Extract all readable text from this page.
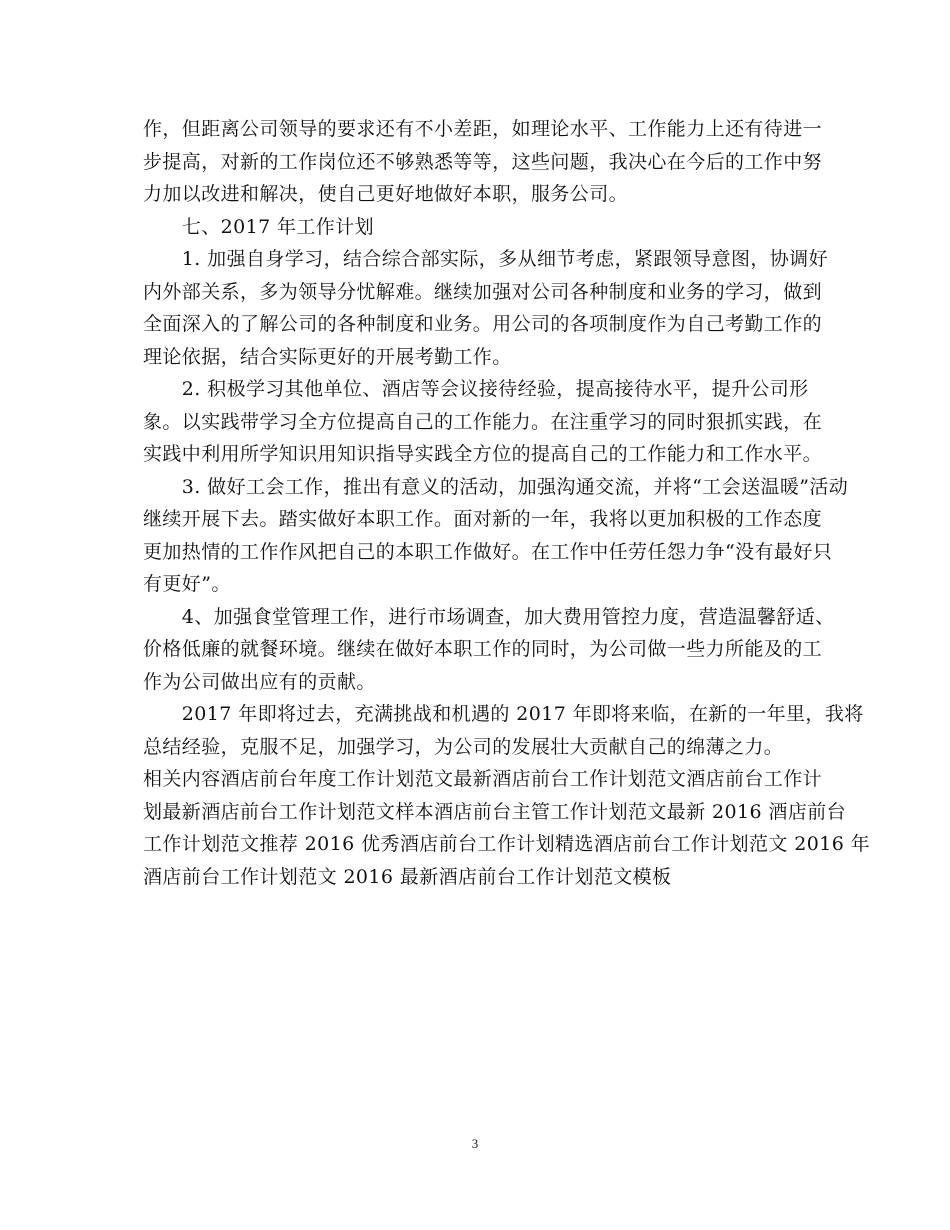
作，但距离公司领导的要求还有不小差距，如理论水平、工作能力上还有待进一
步提高，对新的工作岗位还不够熟悉等等，这些问题，我决心在今后的工作中努
力加以改进和解决，使自己更好地做好本职，服务公司。

　　七、2017 年工作计划

　　1. 加强自身学习，结合综合部实际，多从细节考虑，紧跟领导意图，协调好
内外部关系，多为领导分忧解难。继续加强对公司各种制度和业务的学习，做到
全面深入的了解公司的各种制度和业务。用公司的各项制度作为自己考勤工作的
理论依据，结合实际更好的开展考勤工作。

　　2. 积极学习其他单位、酒店等会议接待经验，提高接待水平，提升公司形
象。以实践带学习全方位提高自己的工作能力。在注重学习的同时狠抓实践，在
实践中利用所学知识用知识指导实践全方位的提高自己的工作能力和工作水平。

　　3. 做好工会工作，推出有意义的活动，加强沟通交流，并将“工会送温暖”活动
继续开展下去。踏实做好本职工作。面对新的一年，我将以更加积极的工作态度
更加热情的工作作风把自己的本职工作做好。在工作中任劳任怨力争“没有最好只
有更好”。

　　4、加强食堂管理工作，进行市场调查，加大费用管控力度，营造温馨舒适、
价格低廉的就餐环境。继续在做好本职工作的同时，为公司做一些力所能及的工
作为公司做出应有的贡献。

　　2017 年即将过去，充满挑战和机遇的 2017 年即将来临，在新的一年里，我将
总结经验，克服不足，加强学习，为公司的发展壮大贡献自己的绵薄之力。

相关内容酒店前台年度工作计划范文最新酒店前台工作计划范文酒店前台工作计
划最新酒店前台工作计划范文样本酒店前台主管工作计划范文最新 2016 酒店前台
工作计划范文推荐 2016 优秀酒店前台工作计划精选酒店前台工作计划范文 2016 年
酒店前台工作计划范文 2016 最新酒店前台工作计划范文模板

3
